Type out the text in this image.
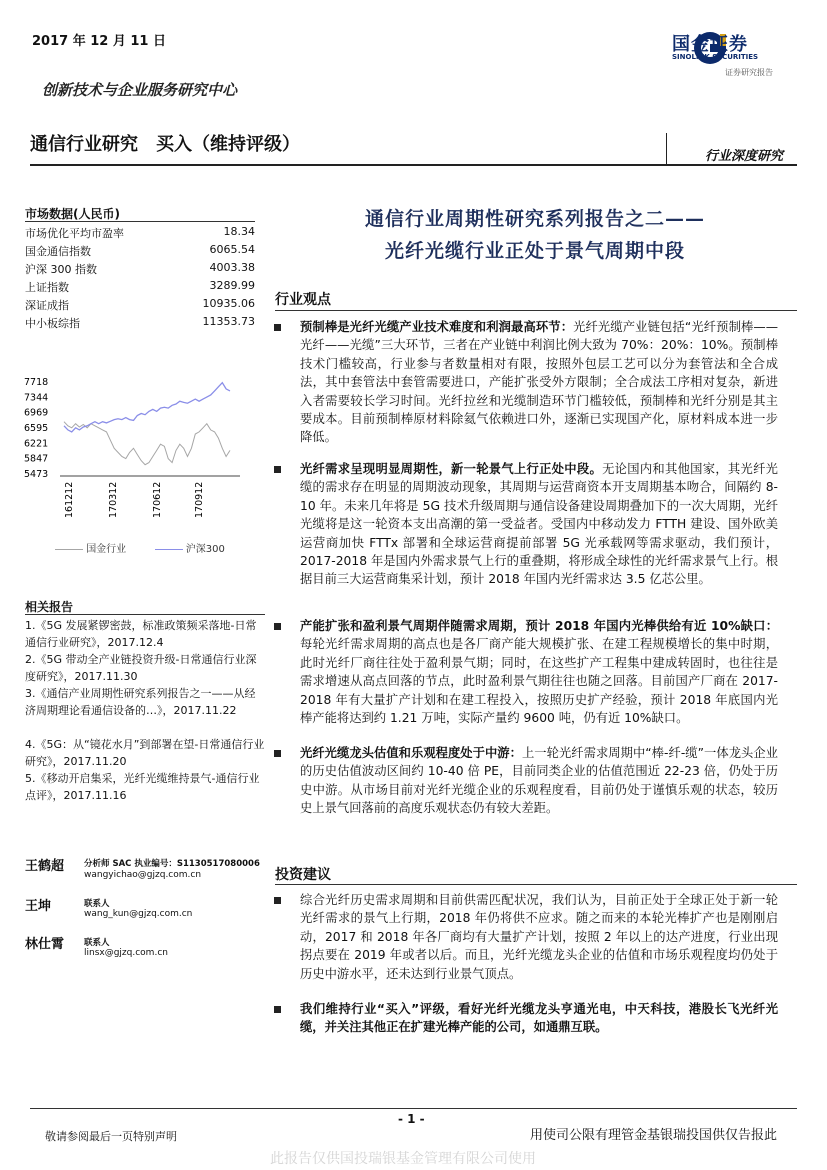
2017 年 12 月 11 日
创新技术与企业服务研究中心
通信行业研究　买入（维持评级）
行业深度研究
国金证券
SINOLINK SECURITIES
证券研究报告
市场数据(人民币)
市场优化平均市盈率	18.34
国金通信指数	6065.54
沪深 300 指数	4003.38
上证指数	3289.99
深证成指	10935.06
中小板综指	11353.73
7718
7344
6969
6595
6221
5847
5473
161212	170312	170612	170912
国金行业	沪深300
相关报告
1.《5G 发展紧锣密鼓，标准政策频采落地-日常通信行业研究》，2017.12.4
2.《5G 带动全产业链投资升级-日常通信行业深度研究》，2017.11.30
3.《通信产业周期性研究系列报告之一——从经济周期理论看通信设备的…》，2017.11.22
4.《5G：从“镜花水月”到部署在望-日常通信行业研究》，2017.11.20
5.《移动开启集采，光纤光缆维持景气-通信行业点评》，2017.11.16
王鹤超 分析师 SAC 执业编号：S1130517080006
wangyichao@gjzq.com.cn
王坤	联系人
wang_kun@gjzq.com.cn
林仕霄 联系人
linsx@gjzq.com.cn
通信行业周期性研究系列报告之二——
光纤光缆行业正处于景气周期中段
行业观点
预制棒是光纤光缆产业技术难度和利润最高环节：光纤光缆产业链包括“光纤预制棒——光纤——光缆”三大环节，三者在产业链中利润比例大致为 70%：20%：10%。预制棒技术门槛较高，行业参与者数量相对有限，按照外包层工艺可以分为套管法和全合成法，其中套管法中套管需要进口，产能扩张受外方限制；全合成法工序相对复杂，新进入者需要较长学习时间。光纤拉丝和光缆制造环节门槛较低，预制棒和光纤分别是其主要成本。目前预制棒原材料除氦气依赖进口外，逐渐已实现国产化，原材料成本进一步降低。
光纤需求呈现明显周期性，新一轮景气上行正处中段。无论国内和其他国家，其光纤光缆的需求存在明显的周期波动现象，其周期与运营商资本开支周期基本吻合，间隔约 8-10 年。未来几年将是 5G 技术升级周期与通信设备建设周期叠加下的一次大周期，光纤光缆将是这一轮资本支出高潮的第一受益者。受国内中移动发力 FTTH 建设、国外欧美运营商加快 FTTx 部署和全球运营商提前部署 5G 光承载网等需求驱动，我们预计，2017-2018 年是国内外需求景气上行的重叠期，将形成全球性的光纤需求景气上行。根据目前三大运营商集采计划，预计 2018 年国内光纤需求达 3.5 亿芯公里。
产能扩张和盈利景气周期伴随需求周期，预计 2018 年国内光棒供给有近 10%缺口：每轮光纤需求周期的高点也是各厂商产能大规模扩张、在建工程规模增长的集中时期，此时光纤厂商往往处于盈利景气期；同时，在这些扩产工程集中建成转固时，也往往是需求增速从高点回落的节点，此时盈利景气期往往也随之回落。目前国产厂商在 2017-2018 年有大量扩产计划和在建工程投入，按照历史扩产经验，预计 2018 年底国内光棒产能将达到约 1.21 万吨，实际产量约 9600 吨，仍有近 10%缺口。
光纤光缆龙头估值和乐观程度处于中游：上一轮光纤需求周期中“棒-纤-缆”一体龙头企业的历史估值波动区间约 10-40 倍 PE，目前同类企业的估值范围近 22-23 倍，仍处于历史中游。从市场目前对光纤光缆企业的乐观程度看，目前仍处于谨慎乐观的状态，较历史上景气回落前的高度乐观状态仍有较大差距。
投资建议
综合光纤历史需求周期和目前供需匹配状况，我们认为，目前正处于全球正处于新一轮光纤需求的景气上行期，2018 年仍将供不应求。随之而来的本轮光棒扩产也是刚刚启动，2017 和 2018 年各厂商均有大量扩产计划，按照 2 年以上的达产进度，行业出现拐点要在 2019 年或者以后。而且，光纤光缆龙头企业的估值和市场乐观程度均仍处于历史中游水平，还未达到行业景气顶点。
我们维持行业“买入”评级，看好光纤光缆龙头亨通光电，中天科技，港股长飞光纤光缆，并关注其他正在扩建光棒产能的公司，如通鼎互联。
- 1 -
敬请参阅最后一页特别声明	用使司公限有理管金基银瑞投国供仅告报此
此报告仅供国投瑞银基金管理有限公司使用
